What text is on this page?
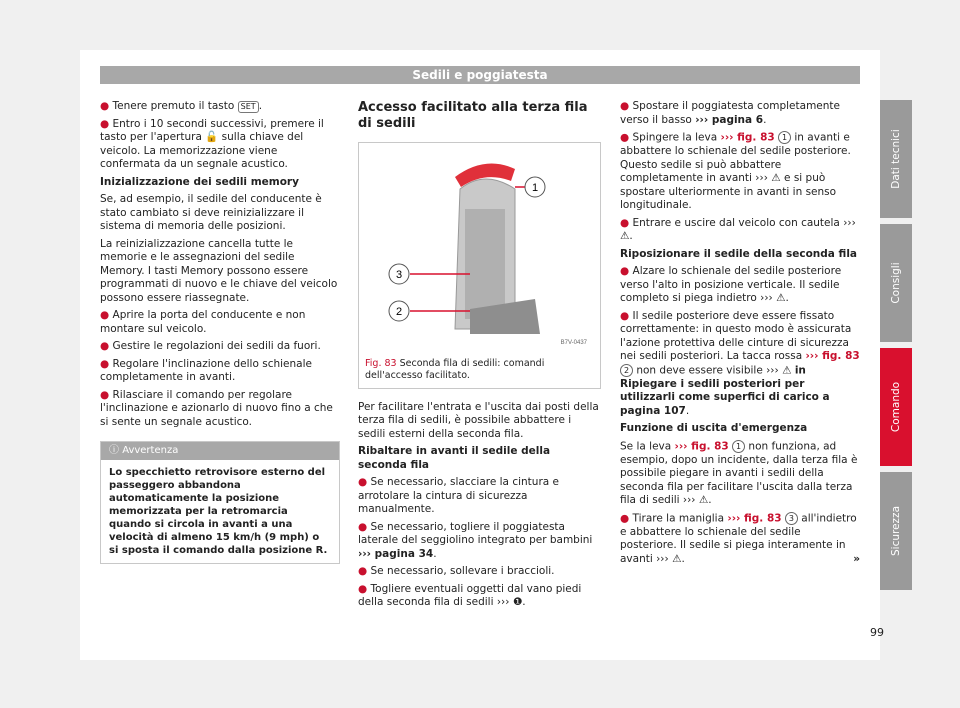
Sedili e poggiatesta

● Tenere premuto il tasto SET .

● Entro i 10 secondi successivi, premere il tasto per l'apertura 🔓 sulla chiave del veicolo. La memorizzazione viene confermata da un segnale acustico.

Inizializzazione dei sedili memory

Se, ad esempio, il sedile del conducente è stato cambiato si deve reinizializzare il sistema di memoria delle posizioni.

La reinizializzazione cancella tutte le memorie e le assegnazioni del sedile Memory. I tasti Memory possono essere programmati di nuovo e le chiave del veicolo possono essere riassegnate.

● Aprire la porta del conducente e non montare sul veicolo.

● Gestire le regolazioni dei sedili da fuori.

● Regolare l'inclinazione dello schienale completamente in avanti.

● Rilasciare il comando per regolare l'inclinazione e azionarlo di nuovo fino a che si sente un segnale acustico.

ⓘ Avvertenza
Lo specchietto retrovisore esterno del passeggero abbandona automaticamente la posizione memorizzata per la retromarcia quando si circola in avanti a una velocità di almeno 15 km/h (9 mph) o si sposta il comando dalla posizione R.
Accesso facilitato alla terza fila di sedili
1
3
2
B7V-0437
Fig. 83 Seconda fila di sedili: comandi dell'accesso facilitato.

Per facilitare l'entrata e l'uscita dai posti della terza fila di sedili, è possibile abbattere i sedili esterni della seconda fila.

Ribaltare in avanti il sedile della seconda fila

● Se necessario, slacciare la cintura e arrotolare la cintura di sicurezza manualmente.

● Se necessario, togliere il poggiatesta laterale del seggiolino integrato per bambini ››› pagina 34.

● Se necessario, sollevare i braccioli.

● Togliere eventuali oggetti dal vano piedi della seconda fila di sedili ››› ❶.

● Spostare il poggiatesta completamente verso il basso ››› pagina 6.

● Spingere la leva ››› fig. 83 1 in avanti e abbattere lo schienale del sedile posteriore. Questo sedile si può abbattere completamente in avanti ››› ⚠ e si può spostare ulteriormente in avanti in senso longitudinale.

● Entrare e uscire dal veicolo con cautela ››› ⚠.

Riposizionare il sedile della seconda fila

● Alzare lo schienale del sedile posteriore verso l'alto in posizione verticale. Il sedile completo si piega indietro ››› ⚠.

● Il sedile posteriore deve essere fissato correttamente: in questo modo è assicurata l'azione protettiva delle cinture di sicurezza nei sedili posteriori. La tacca rossa ››› fig. 83 2 non deve essere visibile ››› ⚠ in Ripiegare i sedili posteriori per utilizzarli come superfici di carico a pagina 107.

Funzione di uscita d'emergenza

Se la leva ››› fig. 83 1 non funziona, ad esempio, dopo un incidente, dalla terza fila è possibile piegare in avanti i sedili della seconda fila per facilitare l'uscita dalla terza fila di sedili ››› ⚠.

● Tirare la maniglia ››› fig. 83 3 all'indietro e abbattere lo schienale del sedile posteriore. Il sedile si piega interamente in avanti ››› ⚠.	»

Dati tecnici
Consigli
Comando
Sicurezza
99
